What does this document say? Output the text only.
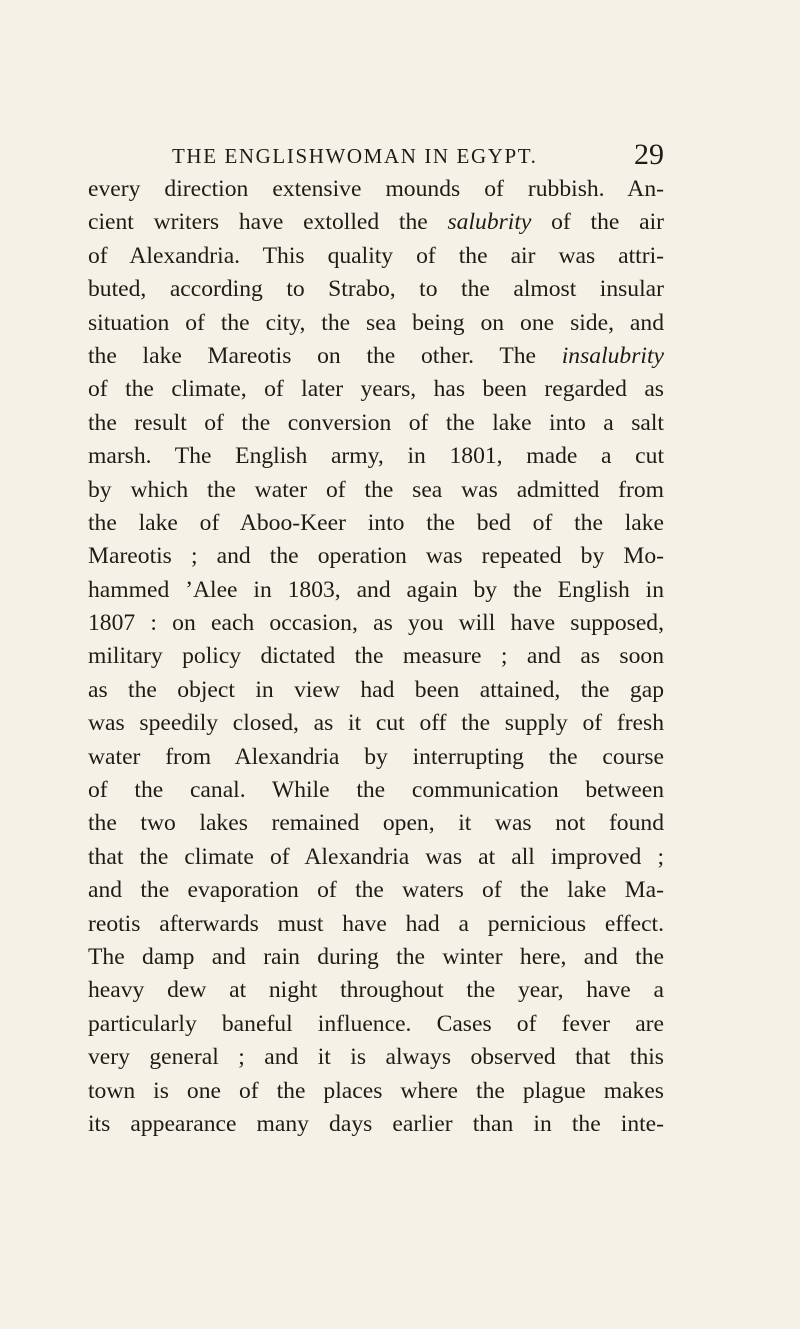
THE ENGLISHWOMAN IN EGYPT.	29
every direction extensive mounds of rubbish. An-
cient writers have extolled the salubrity of the air
of Alexandria. This quality of the air was attri-
buted, according to Strabo, to the almost insular
situation of the city, the sea being on one side, and
the lake Mareotis on the other. The insalubrity
of the climate, of later years, has been regarded as
the result of the conversion of the lake into a salt
marsh. The English army, in 1801, made a cut
by which the water of the sea was admitted from
the lake of Aboo-Keer into the bed of the lake
Mareotis ; and the operation was repeated by Mo-
hammed ’Alee in 1803, and again by the English in
1807 : on each occasion, as you will have supposed,
military policy dictated the measure ; and as soon
as the object in view had been attained, the gap
was speedily closed, as it cut off the supply of fresh
water from Alexandria by interrupting the course
of the canal. While the communication between
the two lakes remained open, it was not found
that the climate of Alexandria was at all improved ;
and the evaporation of the waters of the lake Ma-
reotis afterwards must have had a pernicious effect.
The damp and rain during the winter here, and the
heavy dew at night throughout the year, have a
particularly baneful influence. Cases of fever are
very general ; and it is always observed that this
town is one of the places where the plague makes
its appearance many days earlier than in the inte-
